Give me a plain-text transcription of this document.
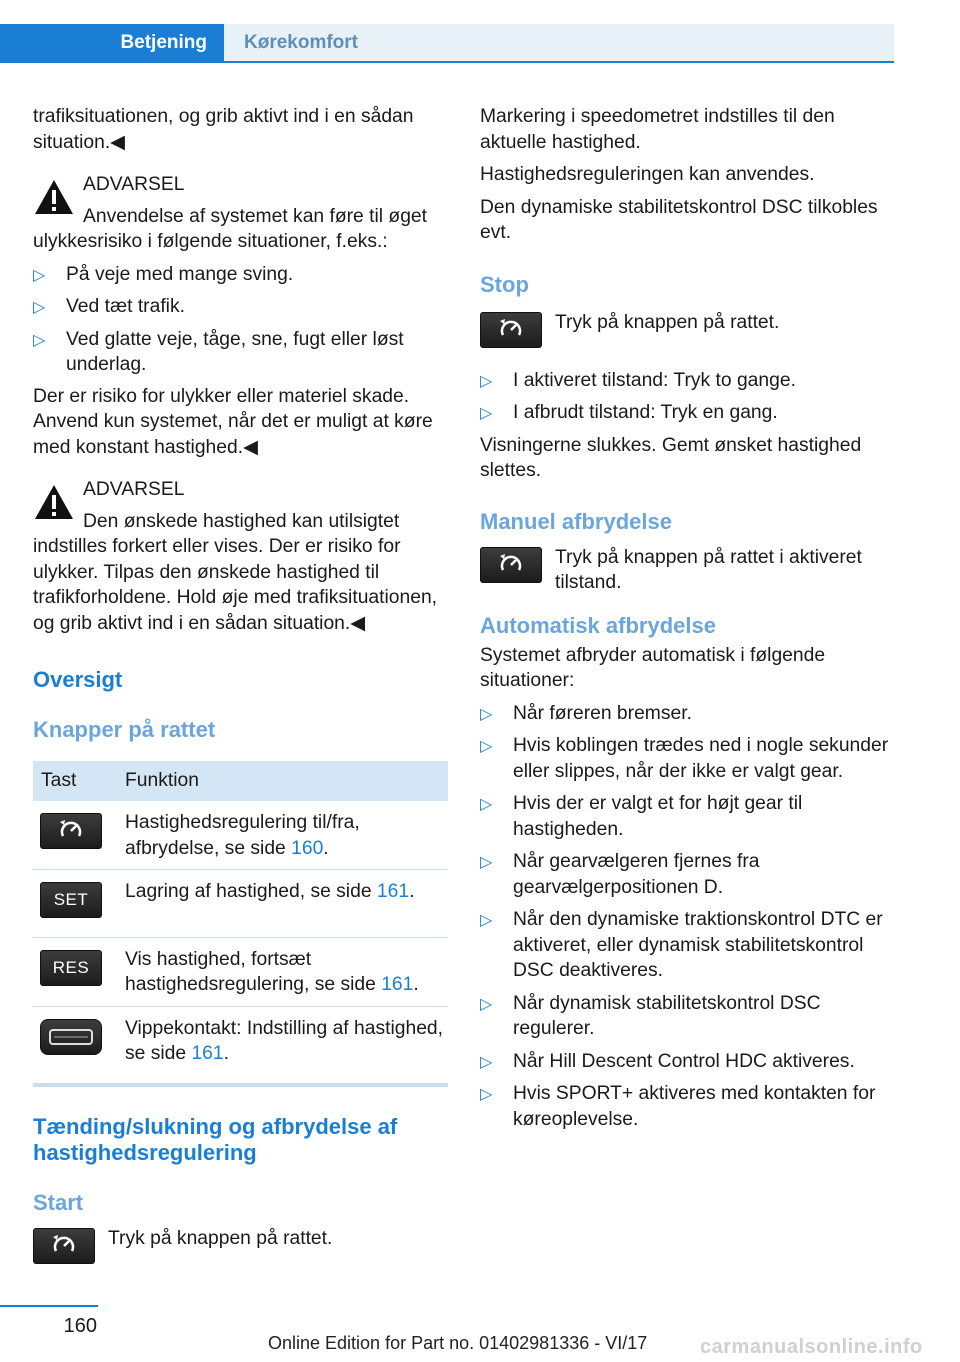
Betjening	Kørekomfort

trafiksituationen, og grib aktivt ind i en sådan situation.◀

ADVARSEL

Anvendelse af systemet kan føre til øget ulykkesrisiko i følgende situationer, f.eks.:

▷ På veje med mange sving.
▷ Ved tæt trafik.
▷ Ved glatte veje, tåge, sne, fugt eller løst underlag.

Der er risiko for ulykker eller materiel skade. Anvend kun systemet, når det er muligt at køre med konstant hastighed.◀

ADVARSEL

Den ønskede hastighed kan utilsigtet indstilles forkert eller vises. Der er risiko for ulykker. Tilpas den ønskede hastighed til trafikforholdene. Hold øje med trafiksituationen, og grib aktivt ind i en sådan situation.◀

Oversigt
Knapper på rattet
Tast	Funktion

	Hastighedsregulering til/fra, afbrydelse, se side 160.

SET	Lagring af hastighed, se side 161.

RES	Vis hastighed, fortsæt hastighedsregulering, se side 161.

	Vippekontakt: Indstilling af hastighed, se side 161.
Tænding/slukning og afbrydelse af hastighedsregulering
Start

Tryk på knappen på rattet.

Markering i speedometret indstilles til den aktuelle hastighed.

Hastighedsreguleringen kan anvendes.

Den dynamiske stabilitetskontrol DSC tilkobles evt.

Stop

Tryk på knappen på rattet.

▷ I aktiveret tilstand: Tryk to gange.
▷ I afbrudt tilstand: Tryk en gang.

Visningerne slukkes. Gemt ønsket hastighed slettes.

Manuel afbrydelse

Tryk på knappen på rattet i aktiveret tilstand.

Automatisk afbrydelse

Systemet afbryder automatisk i følgende situationer:

▷ Når føreren bremser.
▷ Hvis koblingen trædes ned i nogle sekunder eller slippes, når der ikke er valgt gear.
▷ Hvis der er valgt et for højt gear til hastigheden.
▷ Når gearvælgeren fjernes fra gearvælgerpositionen D.
▷ Når den dynamiske traktionskontrol DTC er aktiveret, eller dynamisk stabilitetskontrol DSC deaktiveres.
▷ Når dynamisk stabilitetskontrol DSC regulerer.
▷ Når Hill Descent Control HDC aktiveres.
▷ Hvis SPORT+ aktiveres med kontakten for køreoplevelse.
160
Online Edition for Part no. 01402981336 - VI/17	carmanualsonline.info
